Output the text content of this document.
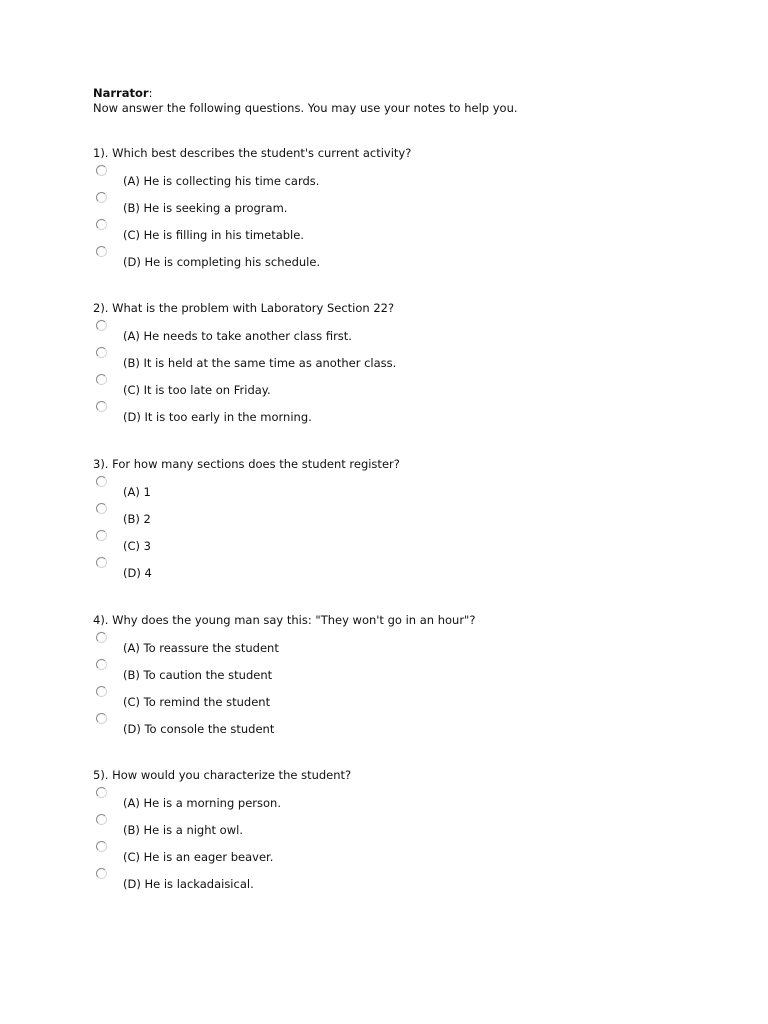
Narrator:
Now answer the following questions. You may use your notes to help you.
1). Which best describes the student's current activity?
(A) He is collecting his time cards.
(B) He is seeking a program.
(C) He is filling in his timetable.
(D) He is completing his schedule.
2). What is the problem with Laboratory Section 22?
(A) He needs to take another class first.
(B) It is held at the same time as another class.
(C) It is too late on Friday.
(D) It is too early in the morning.
3). For how many sections does the student register?
(A) 1
(B) 2
(C) 3
(D) 4
4). Why does the young man say this: "They won't go in an hour"?
(A) To reassure the student
(B) To caution the student
(C) To remind the student
(D) To console the student
5). How would you characterize the student?
(A) He is a morning person.
(B) He is a night owl.
(C) He is an eager beaver.
(D) He is lackadaisical.
